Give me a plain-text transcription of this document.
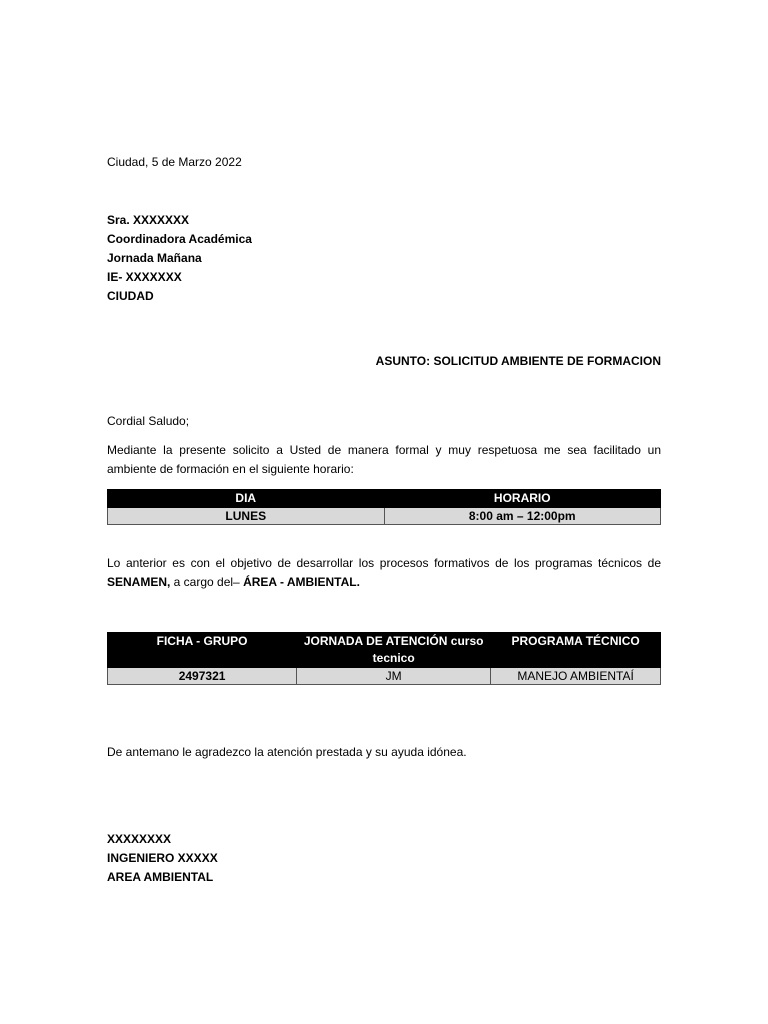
Ciudad, 5 de Marzo 2022
Sra. XXXXXXX
Coordinadora Académica
Jornada Mañana
IE- XXXXXXX
CIUDAD
ASUNTO: SOLICITUD AMBIENTE DE FORMACION
Cordial Saludo;
Mediante la presente solicito a Usted de manera formal y muy respetuosa me sea facilitado un ambiente de formación en el siguiente horario:
DIA	HORARIO
LUNES	8:00 am – 12:00pm
Lo anterior es con el objetivo de desarrollar los procesos formativos de los programas técnicos de SENAMEN, a cargo del– ÁREA - AMBIENTAL.
FICHA - GRUPO	JORNADA DE ATENCIÓN curso tecnico	PROGRAMA TÉCNICO
2497321	JM	MANEJO AMBIENTAÍ
De antemano le agradezco la atención prestada y su ayuda idónea.
XXXXXXXX
INGENIERO XXXXX
AREA AMBIENTAL
